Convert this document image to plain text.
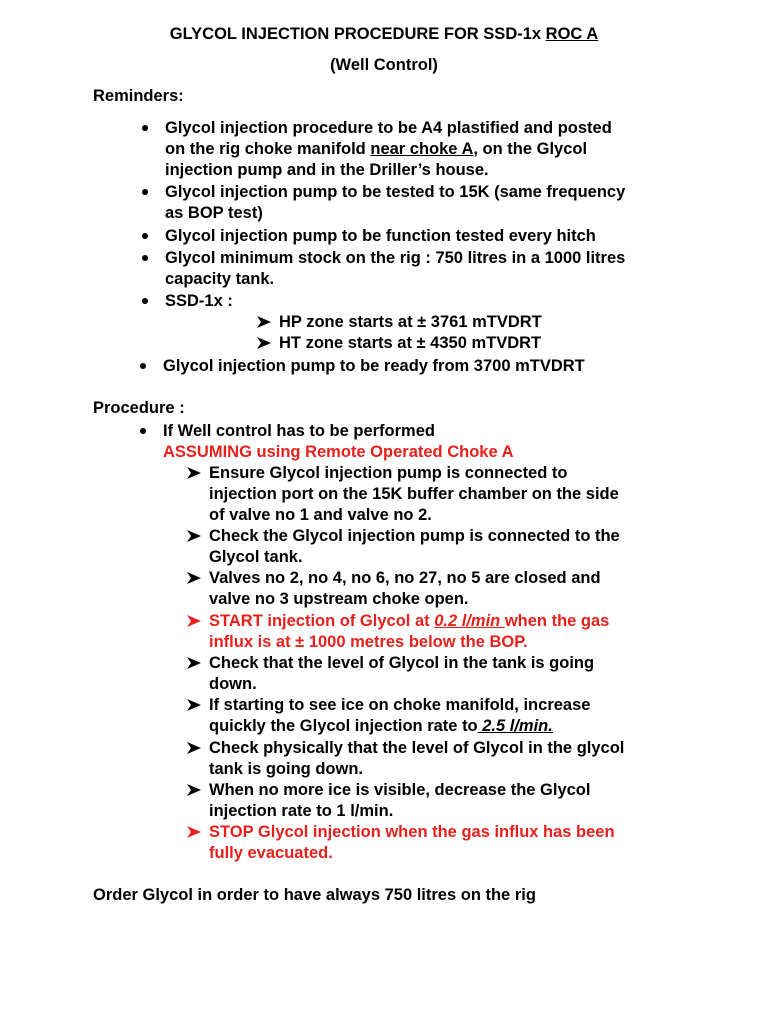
GLYCOL INJECTION PROCEDURE FOR SSD-1x ROC A
(Well Control)
Reminders:
Glycol injection procedure to be A4 plastified and posted
on the rig choke manifold near choke A, on the Glycol
injection pump and in the Driller’s house.
Glycol injection pump to be tested to 15K (same frequency
as BOP test)
Glycol injection pump to be function tested every hitch
Glycol minimum stock on the rig : 750 litres in a 1000 litres
capacity tank.
SSD-1x :
HP zone starts at ± 3761 mTVDRT
HT zone starts at ± 4350 mTVDRT
Glycol injection pump to be ready from 3700 mTVDRT
Procedure :
If Well control has to be performed
ASSUMING using Remote Operated Choke A
Ensure Glycol injection pump is connected to
injection port on the 15K buffer chamber on the side
of valve no 1 and valve no 2.
Check the Glycol injection pump is connected to the
Glycol tank.
Valves no 2, no 4, no 6, no 27, no 5 are closed and
valve no 3 upstream choke open.
START injection of Glycol at 0.2 l/min when the gas
influx is at ± 1000 metres below the BOP.
Check that the level of Glycol in the tank is going
down.
If starting to see ice on choke manifold, increase
quickly the Glycol injection rate to 2.5 l/min.
Check physically that the level of Glycol in the glycol
tank is going down.
When no more ice is visible, decrease the Glycol
injection rate to 1 l/min.
STOP Glycol injection when the gas influx has been
fully evacuated.
Order Glycol in order to have always 750 litres on the rig
